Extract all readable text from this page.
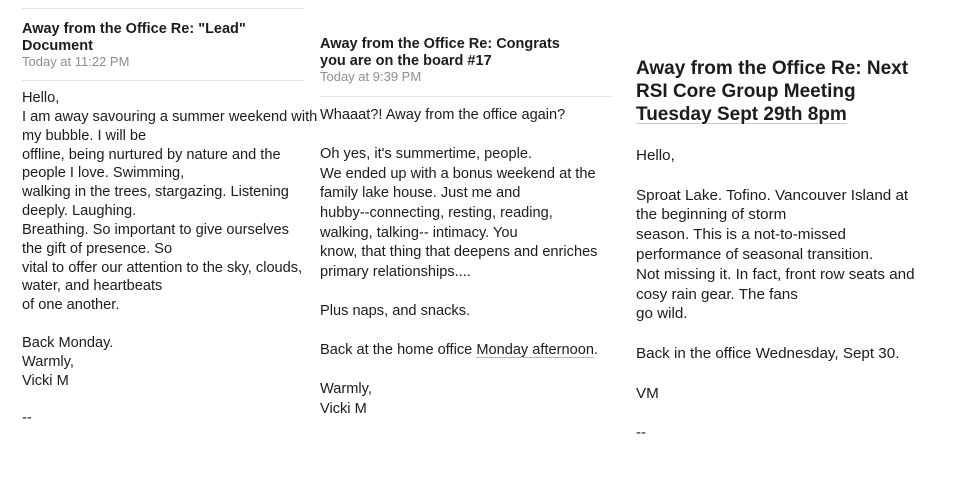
Away from the Office Re: "Lead"
Document
Today at 11:22 PM
Hello,
I am away savouring a summer weekend with
my bubble. I will be
offline, being nurtured by nature and the
people I love. Swimming,
walking in the trees, stargazing. Listening
deeply. Laughing.
Breathing. So important to give ourselves
the gift of presence. So
vital to offer our attention to the sky, clouds,
water, and heartbeats
of one another.

Back Monday.
Warmly,
Vicki M

--
Away from the Office Re: Congrats
you are on the board #17
Today at 9:39 PM
Whaaat?! Away from the office again?

Oh yes, it's summertime, people.
We ended up with a bonus weekend at the
family lake house. Just me and
hubby--connecting, resting, reading,
walking, talking-- intimacy. You
know, that thing that deepens and enriches
primary relationships....

Plus naps, and snacks.

Back at the home office Monday afternoon.

Warmly,
Vicki M
Away from the Office Re: Next
RSI Core Group Meeting
Tuesday Sept 29th 8pm
Hello,

Sproat Lake. Tofino. Vancouver Island at
the beginning of storm
season. This is a not-to-missed
performance of seasonal transition.
Not missing it. In fact, front row seats and
cosy rain gear. The fans
go wild.

Back in the office Wednesday, Sept 30.

VM

--
